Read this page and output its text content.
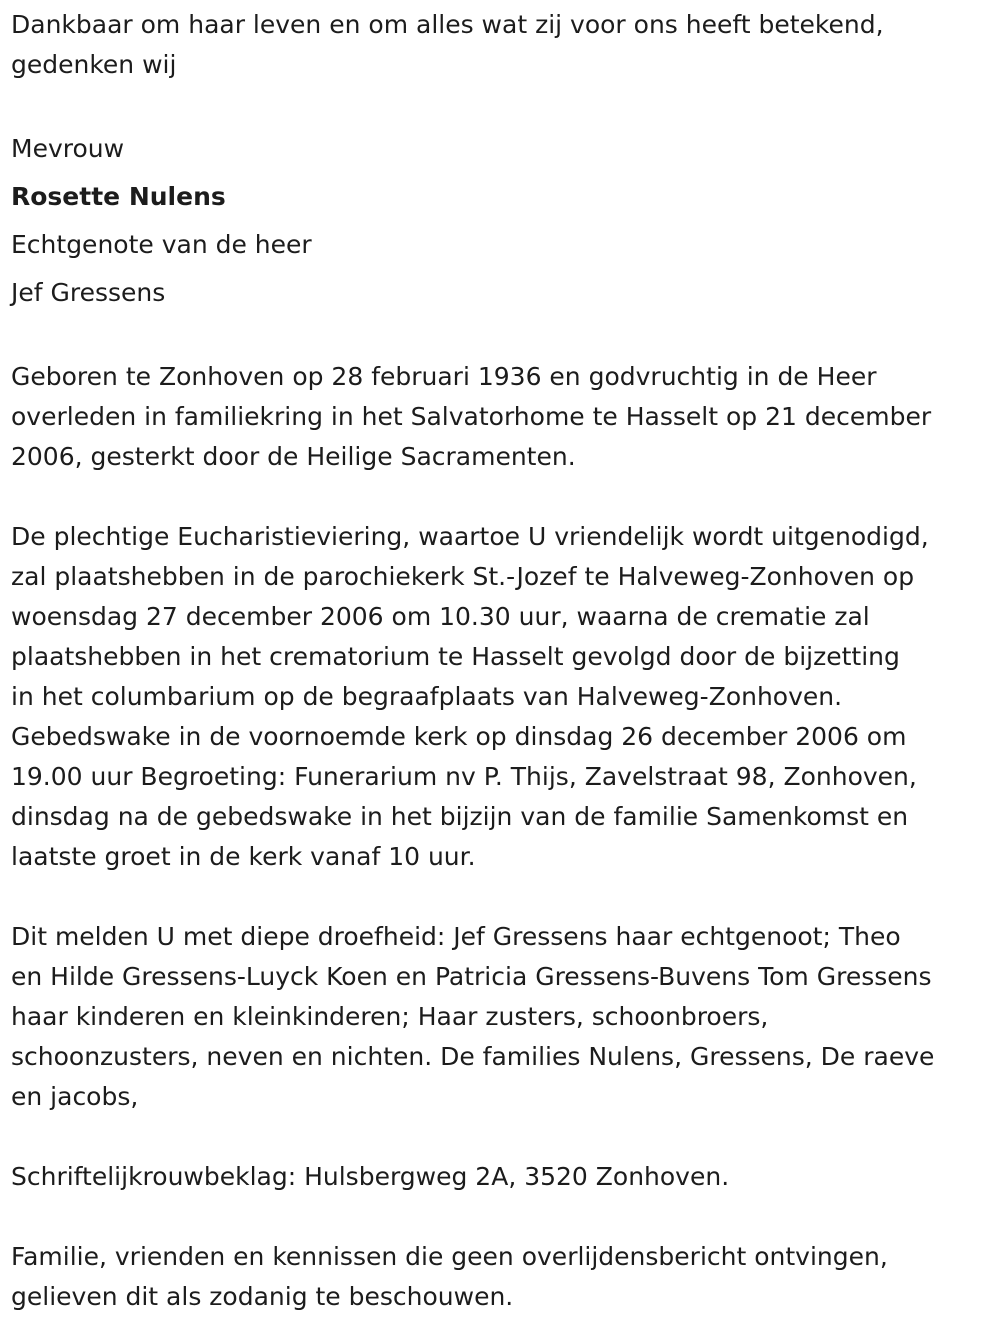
Dankbaar om haar leven en om alles wat zij voor ons heeft betekend,
gedenken wij
Mevrouw
Rosette Nulens
Echtgenote van de heer
Jef Gressens
Geboren te Zonhoven op 28 februari 1936 en godvruchtig in de Heer
overleden in familiekring in het Salvatorhome te Hasselt op 21 december
2006, gesterkt door de Heilige Sacramenten.
De plechtige Eucharistieviering, waartoe U vriendelijk wordt uitgenodigd,
zal plaatshebben in de parochiekerk St.-Jozef te Halveweg-Zonhoven op
woensdag 27 december 2006 om 10.30 uur, waarna de crematie zal
plaatshebben in het crematorium te Hasselt gevolgd door de bijzetting
in het columbarium op de begraafplaats van Halveweg-Zonhoven.
Gebedswake in de voornoemde kerk op dinsdag 26 december 2006 om
19.00 uur Begroeting: Funerarium nv P. Thijs, Zavelstraat 98, Zonhoven,
dinsdag na de gebedswake in het bijzijn van de familie Samenkomst en
laatste groet in de kerk vanaf 10 uur.
Dit melden U met diepe droefheid: Jef Gressens haar echtgenoot; Theo
en Hilde Gressens-Luyck Koen en Patricia Gressens-Buvens Tom Gressens
haar kinderen en kleinkinderen; Haar zusters, schoonbroers,
schoonzusters, neven en nichten. De families Nulens, Gressens, De raeve
en jacobs,
Schriftelijkrouwbeklag: Hulsbergweg 2A, 3520 Zonhoven.
Familie, vrienden en kennissen die geen overlijdensbericht ontvingen,
gelieven dit als zodanig te beschouwen.
